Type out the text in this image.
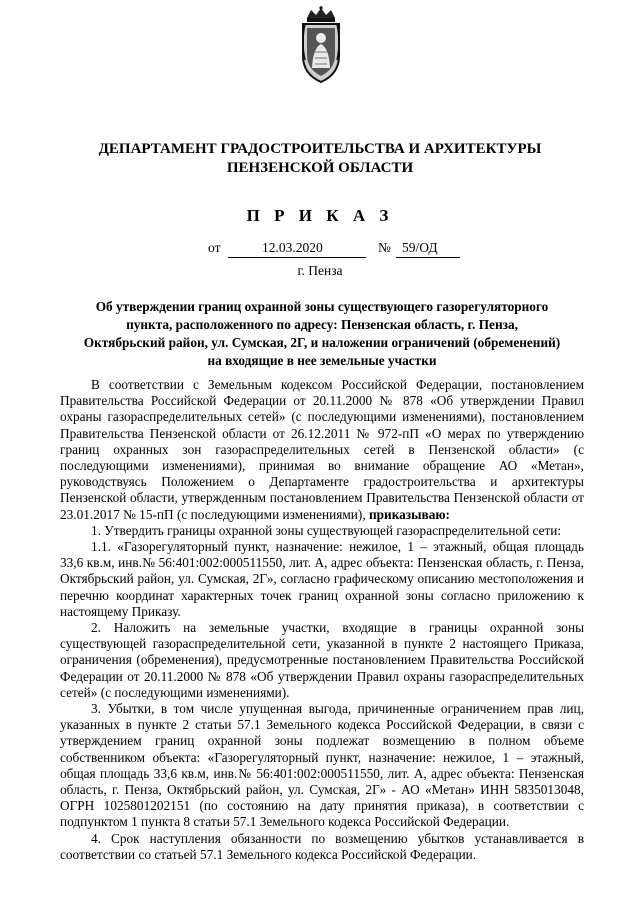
ДЕПАРТАМЕНТ ГРАДОСТРОИТЕЛЬСТВА И АРХИТЕКТУРЫ
ПЕНЗЕНСКОЙ ОБЛАСТИ
П Р И К А З
от	12.03.2020	№ 59/ОД
г. Пенза
Об утверждении границ охранной зоны существующего газорегуляторного
пункта, расположенного по адресу: Пензенская область, г. Пенза,
Октябрьский район, ул. Сумская, 2Г, и наложении ограничений (обременений)
на входящие в нее земельные участки

В соответствии с Земельным кодексом Российской Федерации, постановлением Правительства Российской Федерации от 20.11.2000 № 878 «Об утверждении Правил охраны газораспределительных сетей» (с последующими изменениями), постановлением Правительства Пензенской области от 26.12.2011 № 972-пП «О мерах по утверждению границ охранных зон газораспределительных сетей в Пензенской области» (с последующими изменениями), принимая во внимание обращение АО «Метан», руководствуясь Положением о Департаменте градостроительства и архитектуры Пензенской области, утвержденным постановлением Правительства Пензенской области от 23.01.2017 № 15-пП (с последующими изменениями), приказываю:

1. Утвердить границы охранной зоны существующей газораспределительной сети:

1.1. «Газорегуляторный пункт, назначение: нежилое, 1 – этажный, общая площадь 33,6 кв.м, инв.№ 56:401:002:000511550, лит. А, адрес объекта: Пензенская область, г. Пенза, Октябрьский район, ул. Сумская, 2Г», согласно графическому описанию местоположения и перечню координат характерных точек границ охранной зоны согласно приложению к настоящему Приказу.

2. Наложить на земельные участки, входящие в границы охранной зоны существующей газораспределительной сети, указанной в пункте 2 настоящего Приказа, ограничения (обременения), предусмотренные постановлением Правительства Российской Федерации от 20.11.2000 № 878 «Об утверждении Правил охраны газораспределительных сетей» (с последующими изменениями).

3. Убытки, в том числе упущенная выгода, причиненные ограничением прав лиц, указанных в пункте 2 статьи 57.1 Земельного кодекса Российской Федерации, в связи с утверждением границ охранной зоны подлежат возмещению в полном объеме собственником объекта: «Газорегуляторный пункт, назначение: нежилое, 1 – этажный, общая площадь 33,6 кв.м, инв.№ 56:401:002:000511550, лит. А, адрес объекта: Пензенская область, г. Пенза, Октябрьский район, ул. Сумская, 2Г» - АО «Метан» ИНН 5835013048, ОГРН 1025801202151 (по состоянию на дату принятия приказа), в соответствии с подпунктом 1 пункта 8 статьи 57.1 Земельного кодекса Российской Федерации.

4. Срок наступления обязанности по возмещению убытков устанавливается в соответствии со статьей 57.1 Земельного кодекса Российской Федерации.
